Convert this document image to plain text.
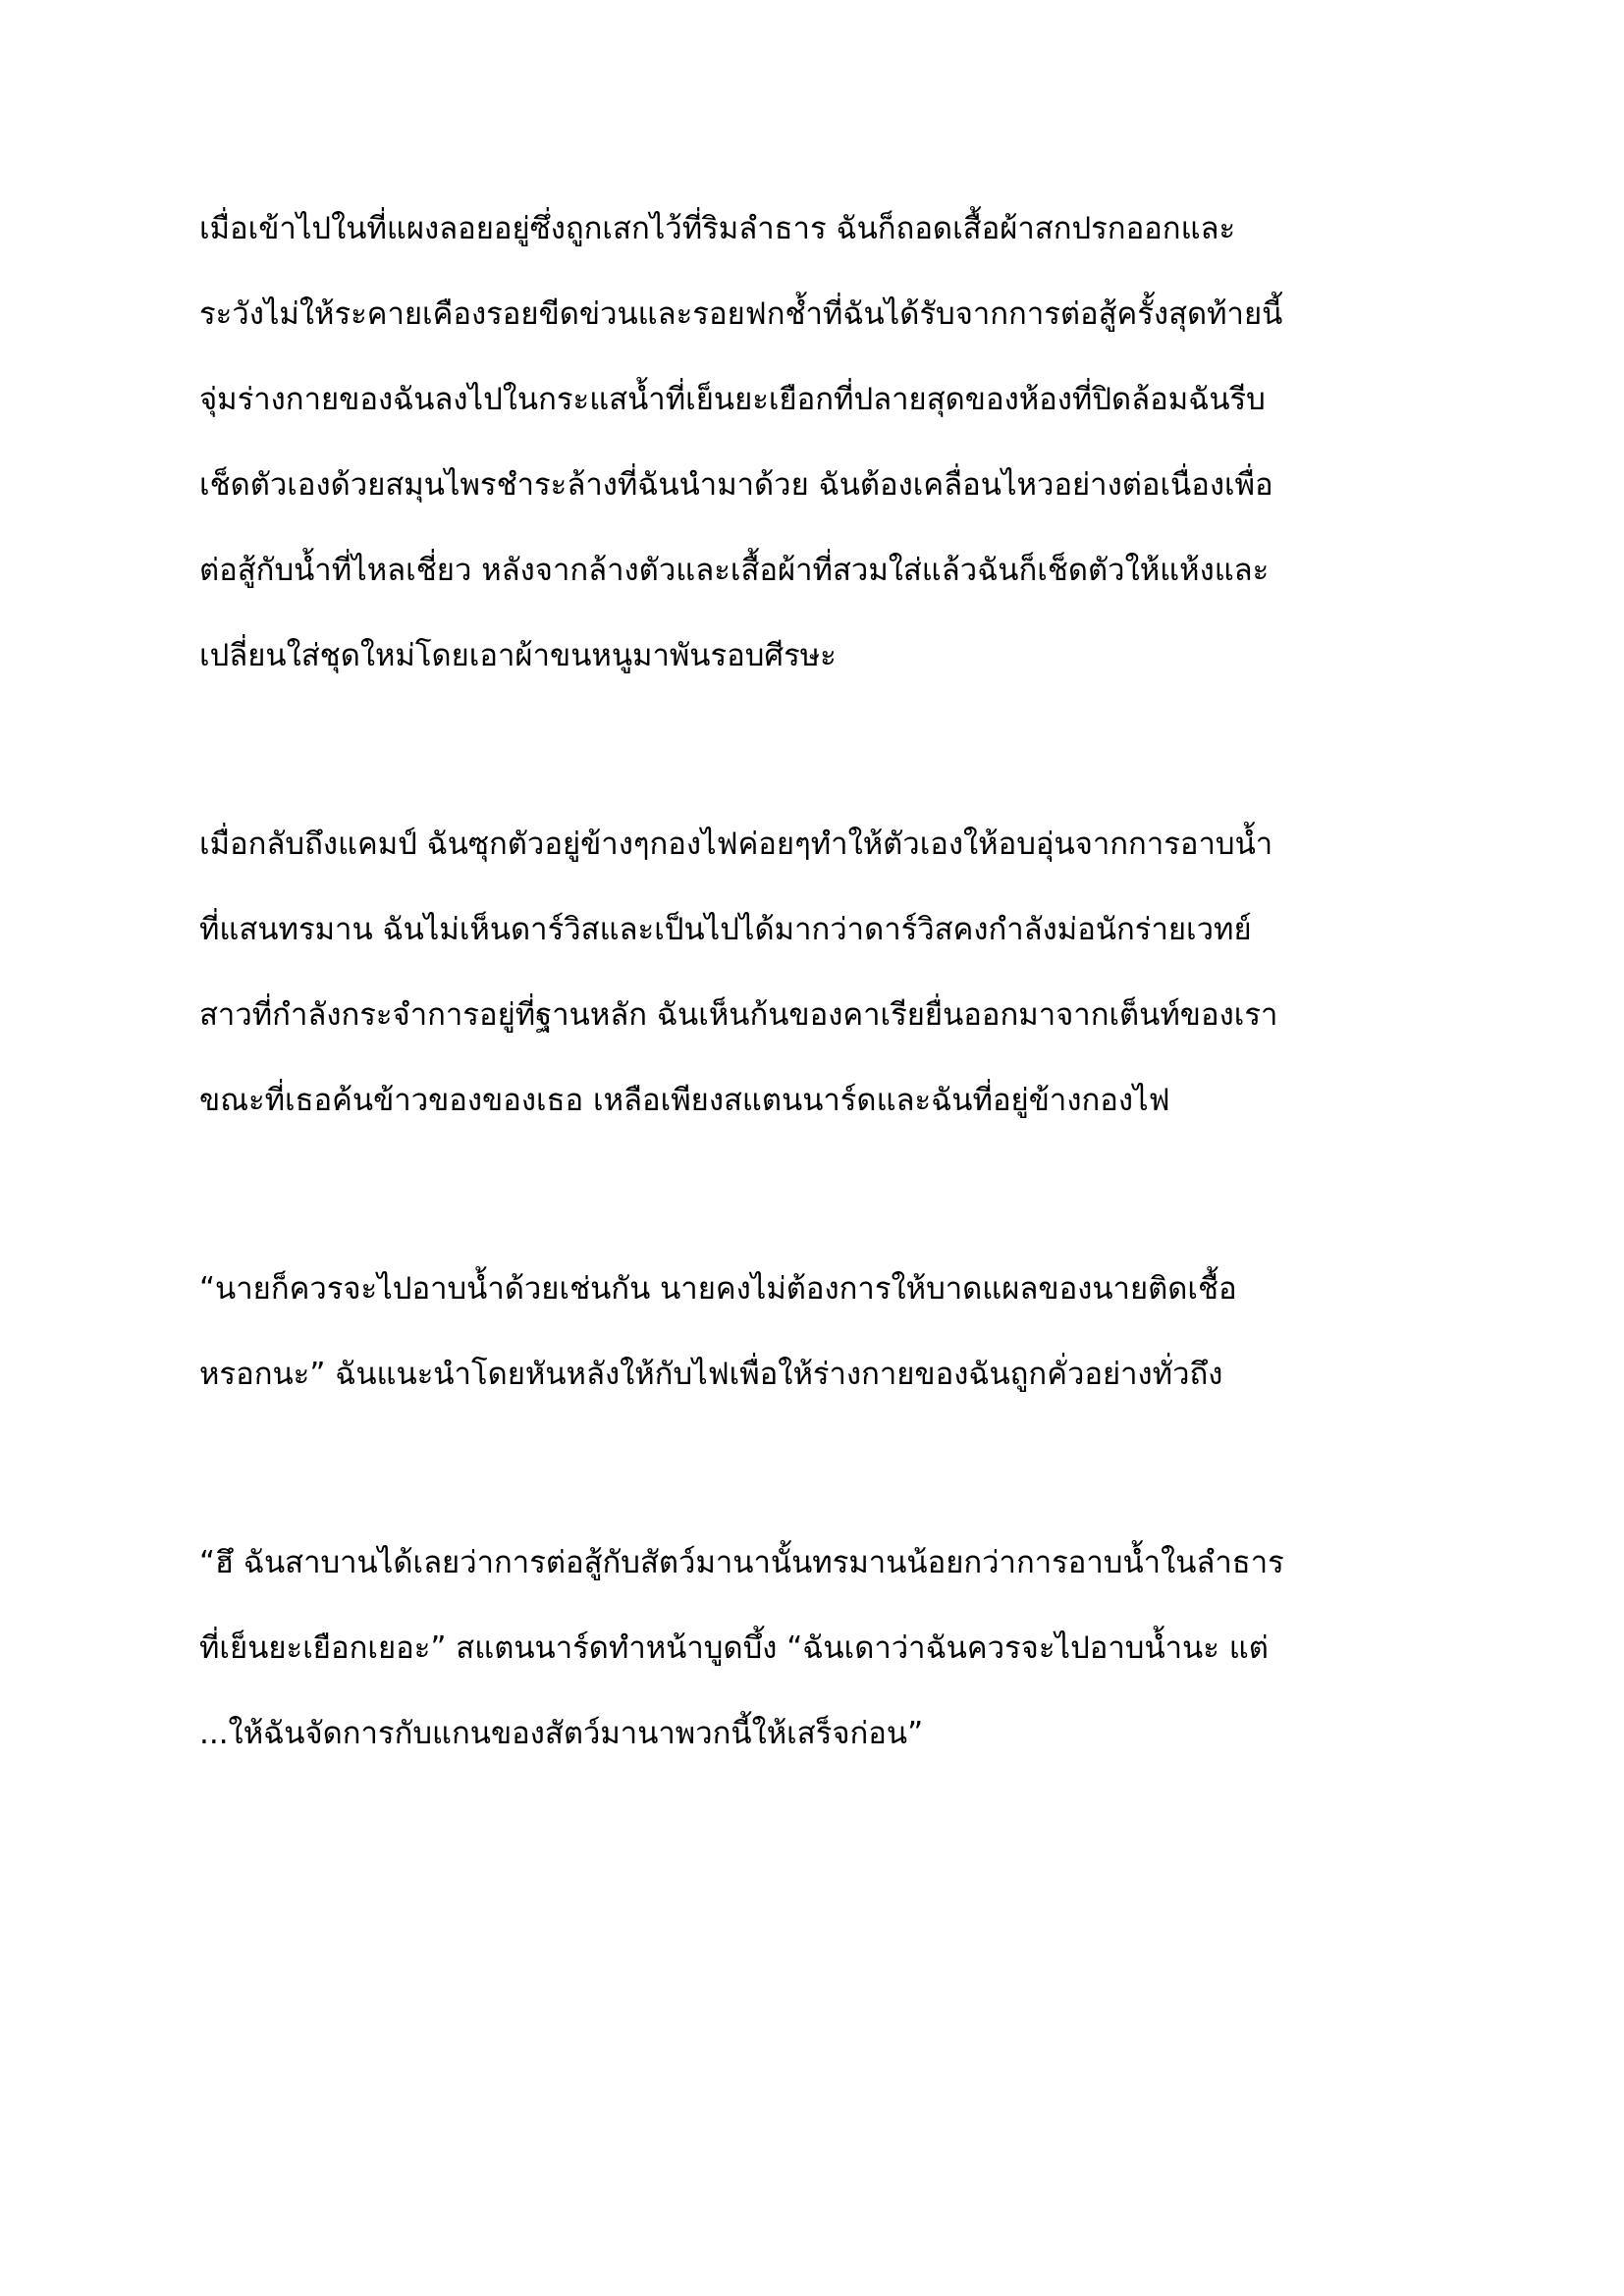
เมื่อเข้าไปในที่แผงลอยอยู่ซึ่งถูกเสกไว้ที่ริมลำธาร ฉันก็ถอดเสื้อผ้าสกปรกออกและ
ระวังไม่ให้ระคายเคืองรอยขีดข่วนและรอยฟกช้ำที่ฉันได้รับจากการต่อสู้ครั้งสุดท้ายนี้
จุ่มร่างกายของฉันลงไปในกระแสน้ำที่เย็นยะเยือกที่ปลายสุดของห้องที่ปิดล้อมฉันรีบ
เช็ดตัวเองด้วยสมุนไพรชำระล้างที่ฉันนำมาด้วย ฉันต้องเคลื่อนไหวอย่างต่อเนื่องเพื่อ
ต่อสู้กับน้ำที่ไหลเชี่ยว หลังจากล้างตัวและเสื้อผ้าที่สวมใส่แล้วฉันก็เช็ดตัวให้แห้งและ
เปลี่ยนใส่ชุดใหม่โดยเอาผ้าขนหนูมาพันรอบศีรษะ
เมื่อกลับถึงแคมป์ ฉันซุกตัวอยู่ข้างๆกองไฟค่อยๆทำให้ตัวเองให้อบอุ่นจากการอาบน้ำ
ที่แสนทรมาน ฉันไม่เห็นดาร์วิสและเป็นไปได้มากว่าดาร์วิสคงกำลังม่อนักร่ายเวทย์
สาวที่กำลังกระจำการอยู่ที่ฐานหลัก ฉันเห็นก้นของคาเรียยื่นออกมาจากเต็นท์ของเรา
ขณะที่เธอค้นข้าวของของเธอ เหลือเพียงสแตนนาร์ดและฉันที่อยู่ข้างกองไฟ
“นายก็ควรจะไปอาบน้ำด้วยเช่นกัน นายคงไม่ต้องการให้บาดแผลของนายติดเชื้อ
หรอกนะ” ฉันแนะนำโดยหันหลังให้กับไฟเพื่อให้ร่างกายของฉันถูกคั่วอย่างทั่วถึง
“ฮึ ฉันสาบานได้เลยว่าการต่อสู้กับสัตว์มานานั้นทรมานน้อยกว่าการอาบน้ำในลำธาร
ที่เย็นยะเยือกเยอะ” สแตนนาร์ดทำหน้าบูดบึ้ง “ฉันเดาว่าฉันควรจะไปอาบน้ำนะ แต่
...ให้ฉันจัดการกับแกนของสัตว์มานาพวกนี้ให้เสร็จก่อน”
